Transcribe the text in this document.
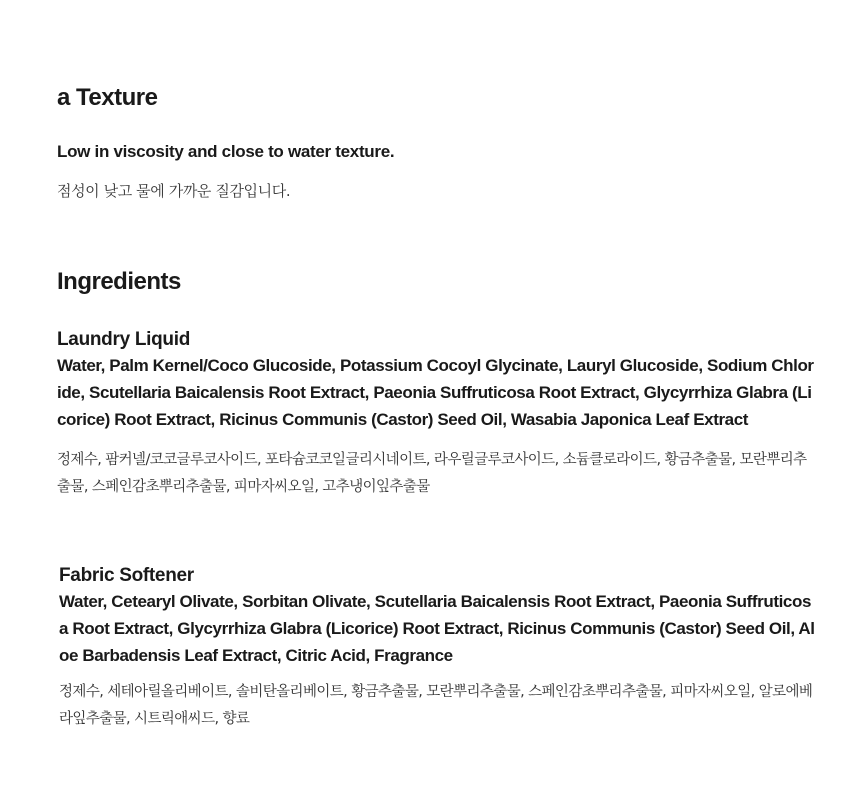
a Texture

Low in viscosity and close to water texture.

점성이 낮고 물에 가까운 질감입니다.

Ingredients
Laundry Liquid

Water, Palm Kernel/Coco Glucoside, Potassium Cocoyl Glycinate, Lauryl Glucoside, Sodium Chloride, Scutellaria Baicalensis Root Extract, Paeonia Suffruticosa Root Extract, Glycyrrhiza Glabra (Licorice) Root Extract, Ricinus Communis (Castor) Seed Oil, Wasabia Japonica Leaf Extract

정제수, 팜커넬/코코글루코사이드, 포타슘코코일글리시네이트, 라우릴글루코사이드, 소듐클로라이드, 황금추출물, 모란뿌리추출물, 스페인감초뿌리추출물, 피마자씨오일, 고추냉이잎추출물

Fabric Softener

Water, Cetearyl Olivate, Sorbitan Olivate, Scutellaria Baicalensis Root Extract, Paeonia Suffruticosa Root Extract, Glycyrrhiza Glabra (Licorice) Root Extract, Ricinus Communis (Castor) Seed Oil, Aloe Barbadensis Leaf Extract, Citric Acid, Fragrance

정제수, 세테아릴올리베이트, 솔비탄올리베이트, 황금추출물, 모란뿌리추출물, 스페인감초뿌리추출물, 피마자씨오일, 알로에베라잎추출물, 시트릭애씨드, 향료
